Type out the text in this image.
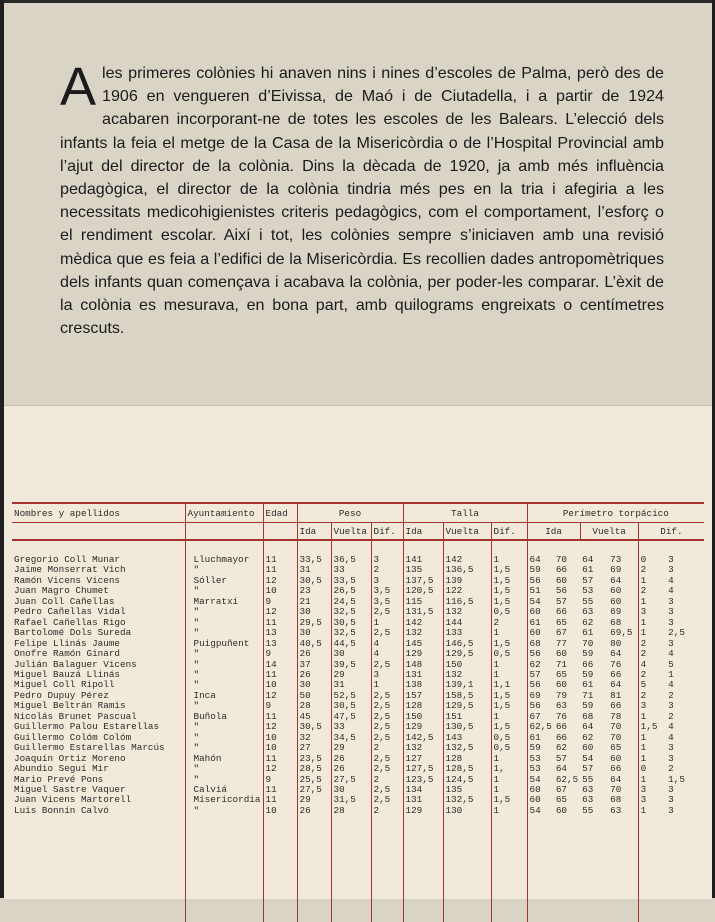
A les primeres colònies hi anaven nins i nines d’escoles de Palma, però des de 1906 en vengueren d’Eivissa, de Maó i de Ciutadella, i a partir de 1924 acabaren incorporant-ne de totes les escoles de les Balears. L’elecció dels infants la feia el metge de la Casa de la Misericòrdia o de l’Hospital Provincial amb l’ajut del director de la colònia. Dins la dècada de 1920, ja amb més influència pedagògica, el director de la colònia tindria més pes en la tria i afegiria a les necessitats medicohigienistes criteris pedagògics, com el comportament, l’esforç o el rendiment escolar. Així i tot, les colònies sempre s’iniciaven amb una revisió mèdica que es feia a l’edifici de la Misericòrdia. Es recollien dades antropomètriques dels infants quan començava i acabava la colònia, per poder-les comparar. L’èxit de la colònia es mesurava, en bona part, amb quilograms engreixats o centímetres crescuts.
Nombres y apellidos	Ayuntamiento	Edad	Peso			Talla			Perímetro torpácico					
			Ida	Vuelta	Dif.	Ida	Vuelta	Dif.	Ida		Vuelta		Dif.	

Gregorio Coll Munar	Lluchmayor	11	33,5	36,5	3	141	142	1	64	70	64	73	0	3
Jaime Monserrat Vich	"	11	31	33	2	135	136,5	1,5	59	66	61	69	2	3
Ramón Vicens Vicens	Sóller	12	30,5	33,5	3	137,5	139	1,5	56	60	57	64	1	4
Juan Magro Chumet	"	10	23	26,5	3,5	120,5	122	1,5	51	56	53	60	2	4
Juan Coll Cañellas	Marratxí	9	21	24,5	3,5	115	116,5	1,5	54	57	55	60	1	3
Pedro Cañellas Vidal	"	12	30	32,5	2,5	131,5	132	0,5	60	66	63	69	3	3
Rafael Cañellas Rigo	"	11	29,5	30,5	1	142	144	2	61	65	62	68	1	3
Bartolomé Dols Sureda	"	13	30	32,5	2,5	132	133	1	60	67	61	69,5	1	2,5
Felipe Llinás Jaume	Puigpuñent	13	40,5	44,5	4	145	146,5	1,5	68	77	70	80	2	3
Onofre Ramón Ginard	"	9	26	30	4	129	129,5	0,5	56	60	59	64	2	4
Julián Balaguer Vicens	"	14	37	39,5	2,5	148	150	1	62	71	66	76	4	5
Miguel Bauzá Llinás	"	11	26	29	3	131	132	1	57	65	59	66	2	1
Miguel Coll Ripoll	"	10	30	31	1	138	139,1	1,1	56	60	61	64	5	4
Pedro Dupuy Pérez	Inca	12	50	52,5	2,5	157	158,5	1,5	69	79	71	81	2	2
Miguel Beltrán Ramis	"	9	28	30,5	2,5	128	129,5	1,5	56	63	59	66	3	3
Nicolás Brunet Pascual	Buñola	11	45	47,5	2,5	150	151	1	67	76	68	78	1	2
Guillermo Palou Estarellas	"	12	30,5	33	2,5	129	130,5	1,5	62,5	66	64	70	1,5	4
Guillermo Colóm Colóm	"	10	32	34,5	2,5	142,5	143	0,5	61	66	62	70	1	4
Guillermo Estarellas Marcús	"	10	27	29	2	132	132,5	0,5	59	62	60	65	1	3
Joaquín Ortiz Moreno	Mahón	11	23,5	26	2,5	127	128	1	53	57	54	60	1	3
Abundio Seguí Mir	"	12	28,5	26	2,5	127,5	128,5	1,	53	64	57	66	0	2
Mario Prevé Pons	"	9	25,5	27,5	2	123,5	124,5	1	54	62,5	55	64	1	1,5
Miguel Sastre Vaquer	Calviá	11	27,5	30	2,5	134	135	1	60	67	63	70	3	3
Juan Vicens Martorell	Misericordia	11	29	31,5	2,5	131	132,5	1,5	60	65	63	68	3	3
Luis Bonnín Calvó	"	10	26	28	2	129	130	1	54	60	55	63	1	3
